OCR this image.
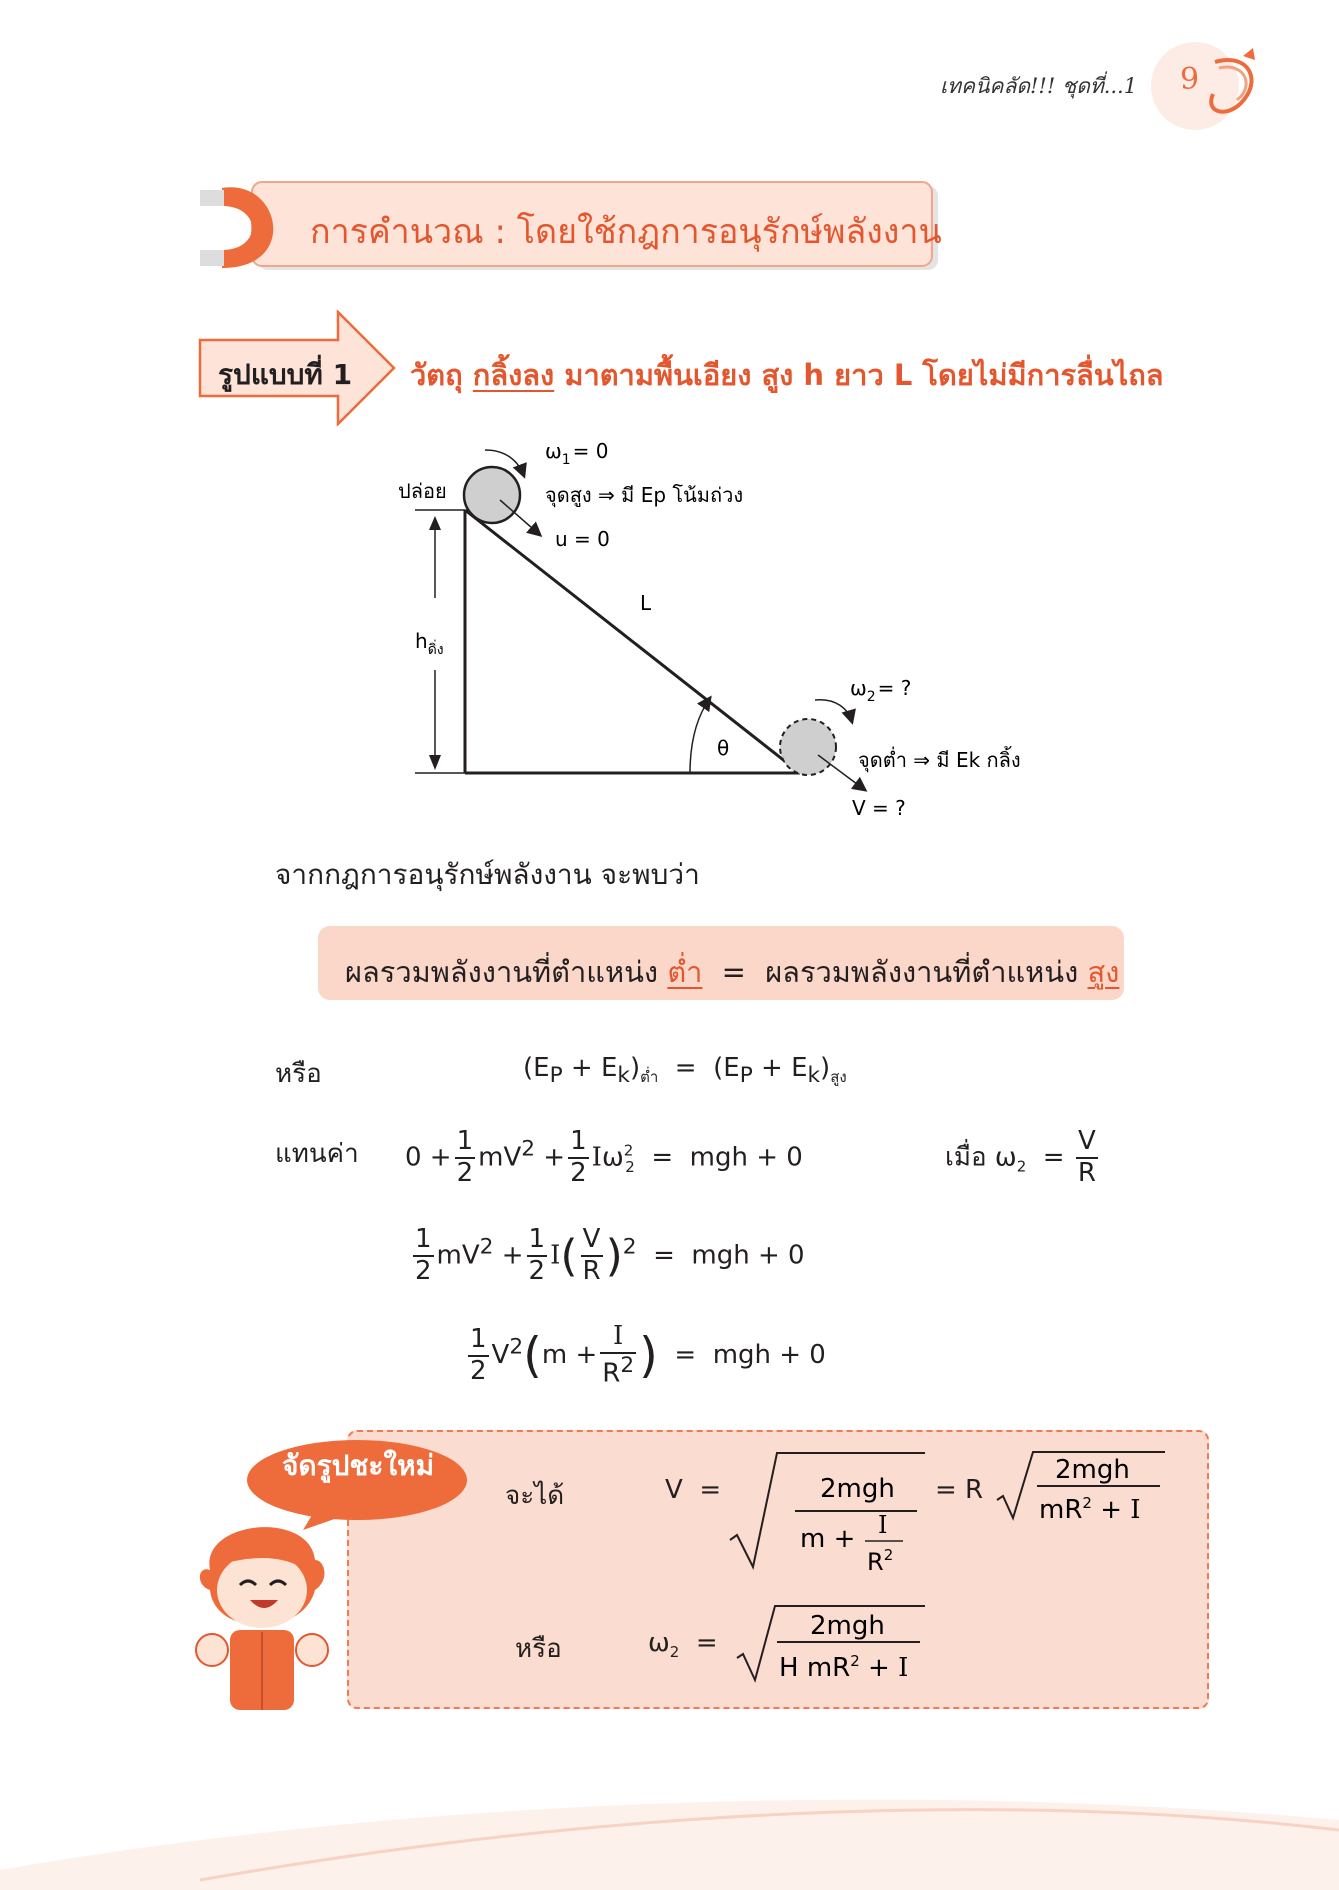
เทคนิคลัด!!! ชุดที่...1 9
การคำนวณ : โดยใช้กฎการอนุรักษ์พลังงาน
รูปแบบที่ 1 วัตถุ กลิ้งลง มาตามพื้นเอียง สูง h ยาว L โดยไม่มีการลื่นไถล
$\omega_1 = 0$
ปล่อย	จุดสูง ⇒ มี Ep โน้มถ่วง
u = 0
L
$h_{ดิ่ง}$
θ
$\omega_2$ = ?
จุดต่ำ ⇒ มี Ek กลิ้ง
V = ?
จากกฎการอนุรักษ์พลังงาน จะพบว่า
ผลรวมพลังงานที่ตำแหน่ง ต่ำ = ผลรวมพลังงานที่ตำแหน่ง สูง
หรือ	$(E_P + E_k)_{ต่ำ} = (E_P + E_k)_{สูง}$
แทนค่า $0 + \frac{1}{2} mV^2 + \frac{1}{2} I\omega^2_2$  =  mgh + 0	เมื่อ $\omega_2 = \frac{V}{R}$
$\frac{1}{2} mV^2 + \frac{1}{2} I( \frac{V}{R} )^2$  =  mgh + 0
$\frac{1}{2} V^2(m + \frac{I}{R^2}$ )  =  mgh + 0
จัดรูปชะใหม่
จะได้	V  =	2mgh
m + I
$R^2$
= R
2mgh
$mR^2 + I$
หรือ	$\omega_2$  =
2mgh
H $mR^2 + I$
